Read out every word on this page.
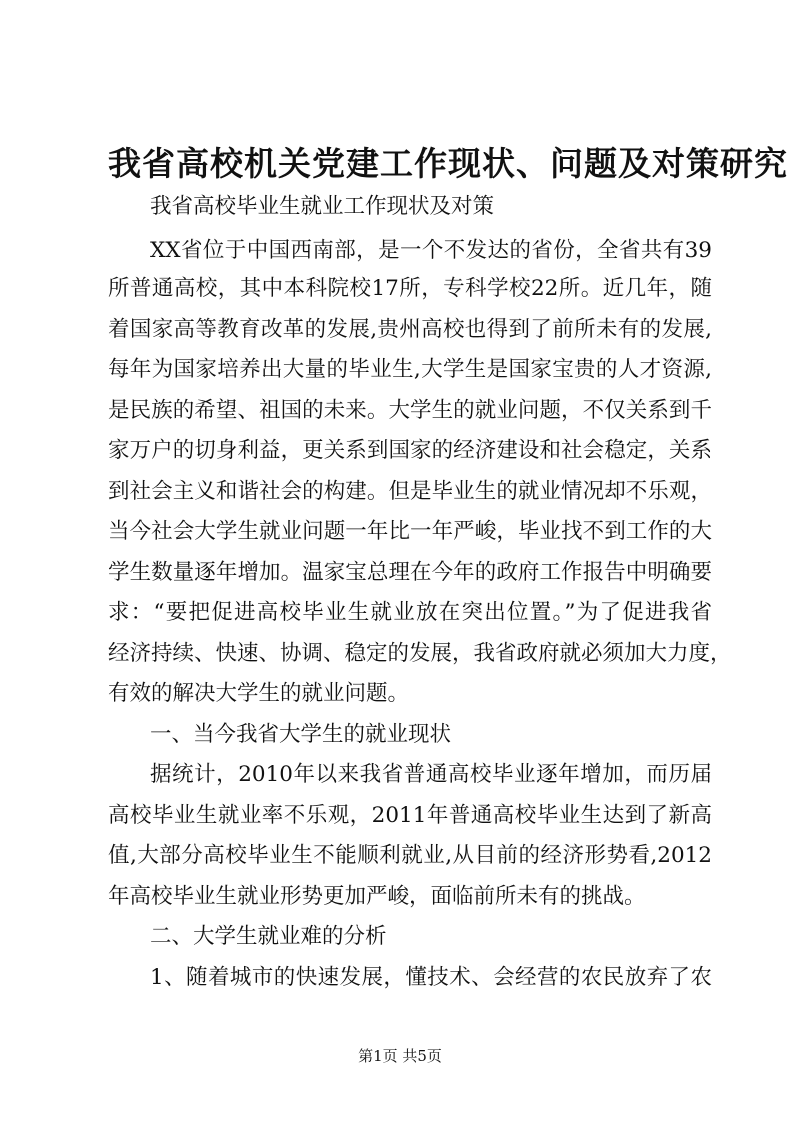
我省高校机关党建工作现状、问题及对策研究
我省高校毕业生就业工作现状及对策
XX省位于中国西南部，是一个不发达的省份，全省共有39
所普通高校，其中本科院校17所，专科学校22所。近几年，随
着国家高等教育改革的发展,贵州高校也得到了前所未有的发展,
每年为国家培养出大量的毕业生,大学生是国家宝贵的人才资源,
是民族的希望、祖国的未来。大学生的就业问题，不仅关系到千
家万户的切身利益，更关系到国家的经济建设和社会稳定，关系
到社会主义和谐社会的构建。但是毕业生的就业情况却不乐观，
当今社会大学生就业问题一年比一年严峻，毕业找不到工作的大
学生数量逐年增加。温家宝总理在今年的政府工作报告中明确要
求：“要把促进高校毕业生就业放在突出位置。”为了促进我省
经济持续、快速、协调、稳定的发展，我省政府就必须加大力度，
有效的解决大学生的就业问题。
一、当今我省大学生的就业现状
据统计，2010年以来我省普通高校毕业逐年增加，而历届
高校毕业生就业率不乐观，2011年普通高校毕业生达到了新高
值,大部分高校毕业生不能顺利就业,从目前的经济形势看,2012
年高校毕业生就业形势更加严峻，面临前所未有的挑战。
二、大学生就业难的分析
1、随着城市的快速发展，懂技术、会经营的农民放弃了农
第1页 共5页
